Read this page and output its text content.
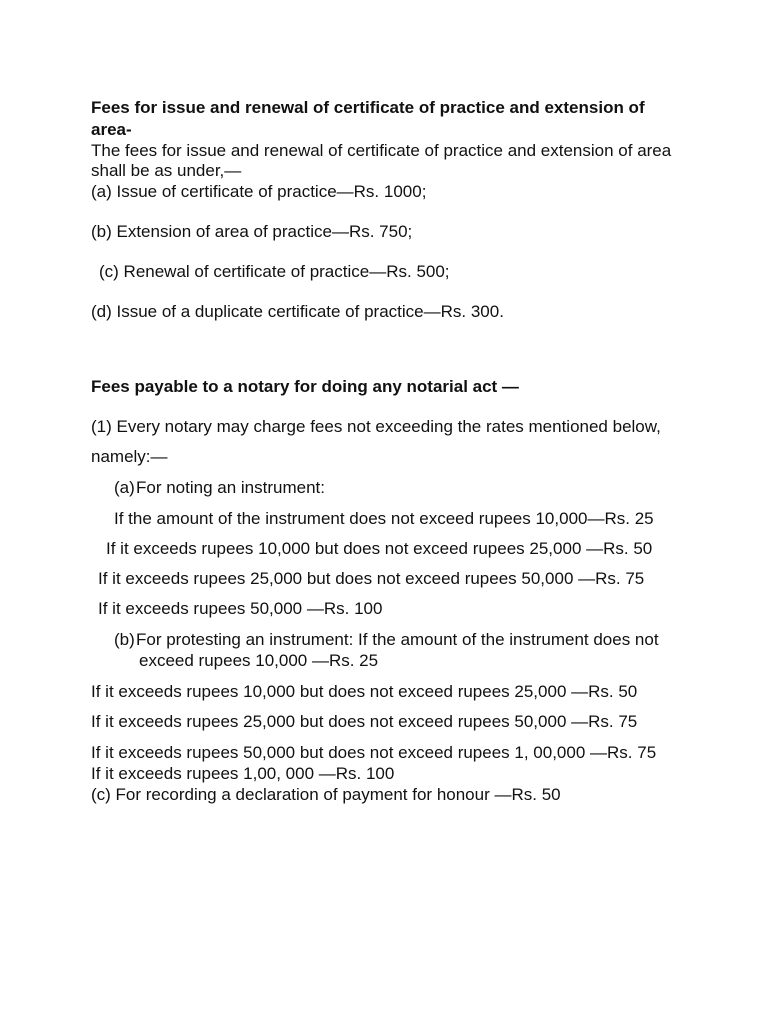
Fees for issue and renewal of certificate of practice and extension of
area-
The fees for issue and renewal of certificate of practice and extension of area
shall be as under,—
(a) Issue of certificate of practice—Rs. 1000;
(b) Extension of area of practice—Rs. 750;
(c) Renewal of certificate of practice—Rs. 500;
(d) Issue of a duplicate certificate of practice—Rs. 300.
Fees payable to a notary for doing any notarial act —
(1) Every notary may charge fees not exceeding the rates mentioned below,
namely:—
(a) For noting an instrument:
If the amount of the instrument does not exceed rupees 10,000—Rs. 25
If it exceeds rupees 10,000 but does not exceed rupees 25,000 —Rs. 50
If it exceeds rupees 25,000 but does not exceed rupees 50,000 —Rs. 75
If it exceeds rupees 50,000 —Rs. 100
(b) For protesting an instrument: If the amount of the instrument does not
exceed rupees 10,000 —Rs. 25
If it exceeds rupees 10,000 but does not exceed rupees 25,000 —Rs. 50
If it exceeds rupees 25,000 but does not exceed rupees 50,000 —Rs. 75
If it exceeds rupees 50,000 but does not exceed rupees 1, 00,000 —Rs. 75
If it exceeds rupees 1,00, 000 —Rs. 100
(c) For recording a declaration of payment for honour —Rs. 50
